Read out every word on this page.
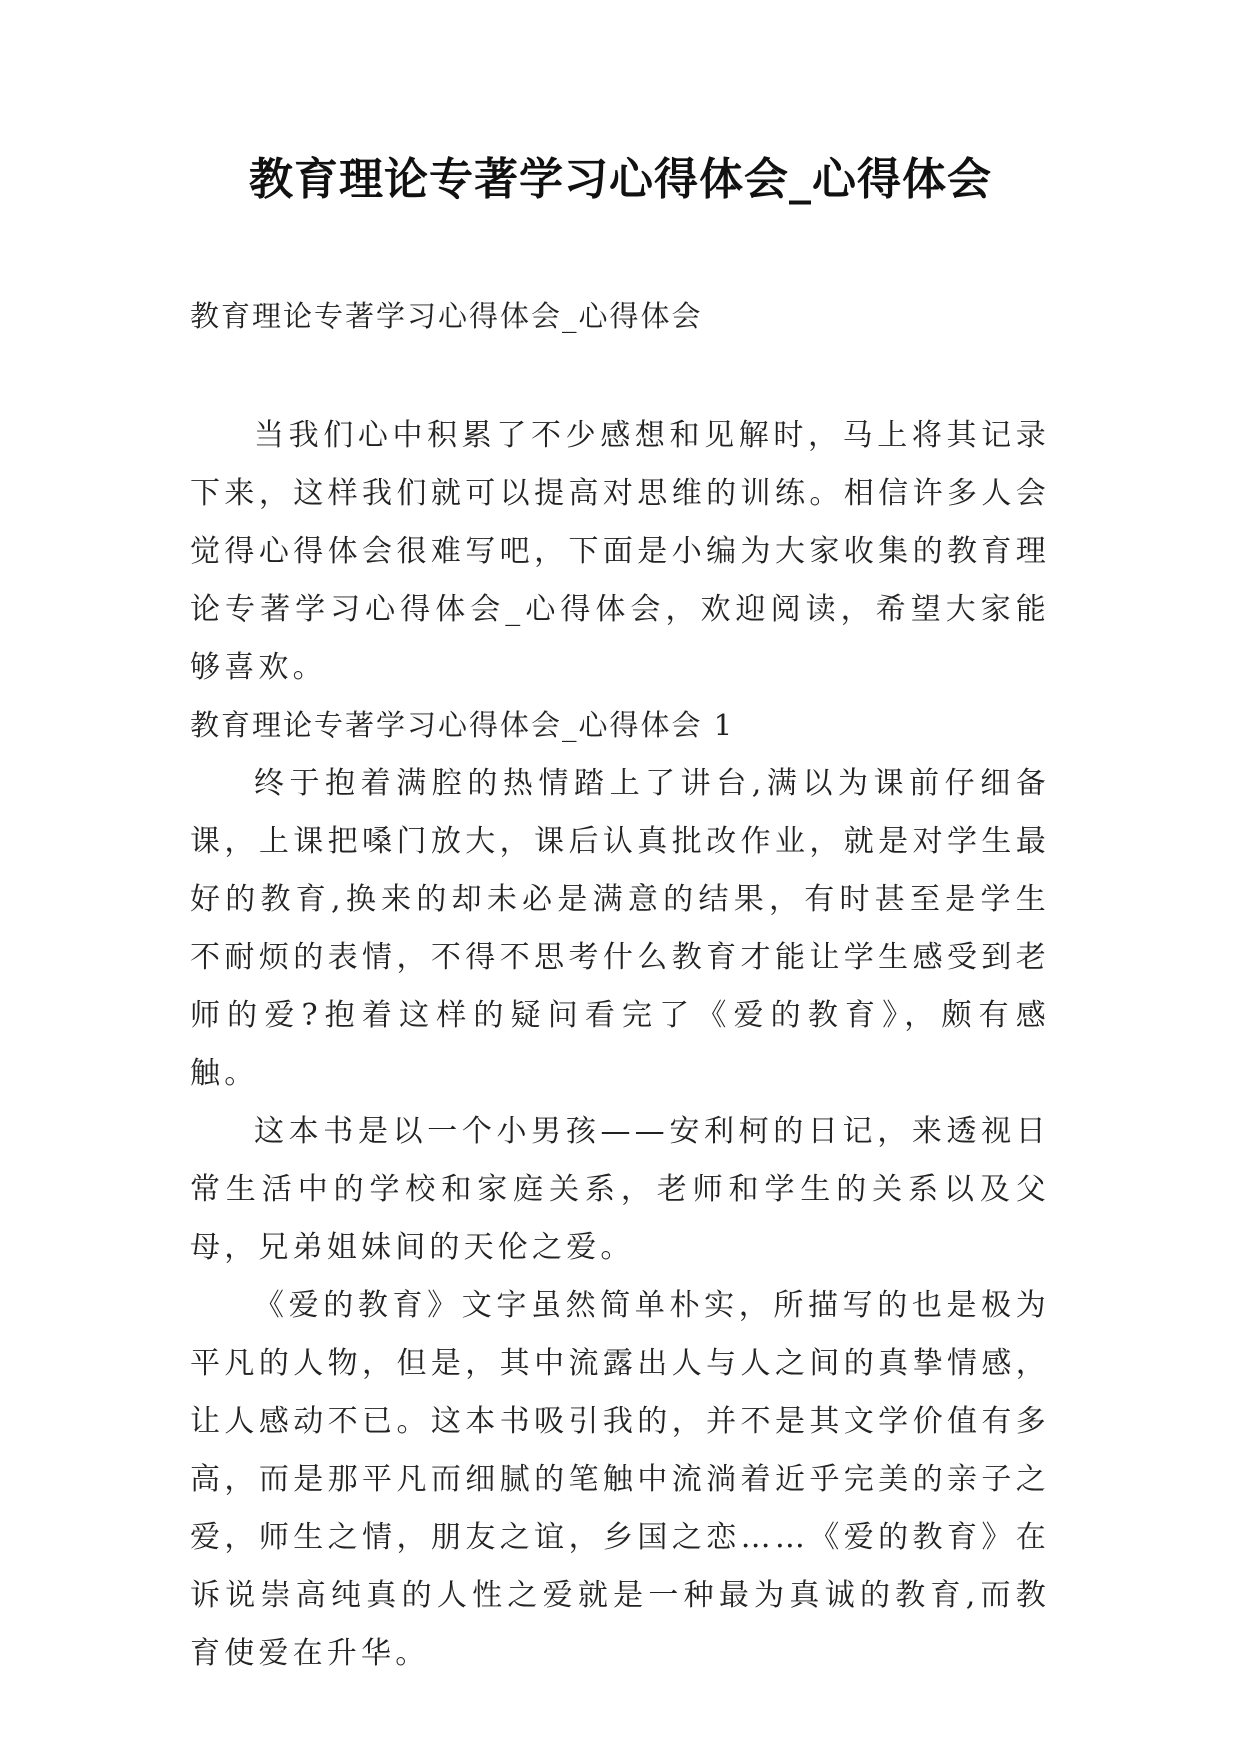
教育理论专著学习心得体会_心得体会

教育理论专著学习心得体会_心得体会

当我们心中积累了不少感想和见解时，马上将其记录下来，这样我们就可以提高对思维的训练。相信许多人会觉得心得体会很难写吧，下面是小编为大家收集的教育理论专著学习心得体会_心得体会，欢迎阅读，希望大家能够喜欢。

教育理论专著学习心得体会_心得体会 1

终于抱着满腔的热情踏上了讲台,满以为课前仔细备课，上课把嗓门放大，课后认真批改作业，就是对学生最好的教育,换来的却未必是满意的结果，有时甚至是学生不耐烦的表情，不得不思考什么教育才能让学生感受到老师的爱?抱着这样的疑问看完了《爱的教育》，颇有感触。

这本书是以一个小男孩——安利柯的日记，来透视日常生活中的学校和家庭关系，老师和学生的关系以及父母，兄弟姐妹间的天伦之爱。

《爱的教育》文字虽然简单朴实，所描写的也是极为平凡的人物，但是，其中流露出人与人之间的真挚情感，让人感动不已。这本书吸引我的，并不是其文学价值有多高，而是那平凡而细腻的笔触中流淌着近乎完美的亲子之爱，师生之情，朋友之谊，乡国之恋……《爱的教育》在诉说崇高纯真的人性之爱就是一种最为真诚的教育,而教育使爱在升华。
